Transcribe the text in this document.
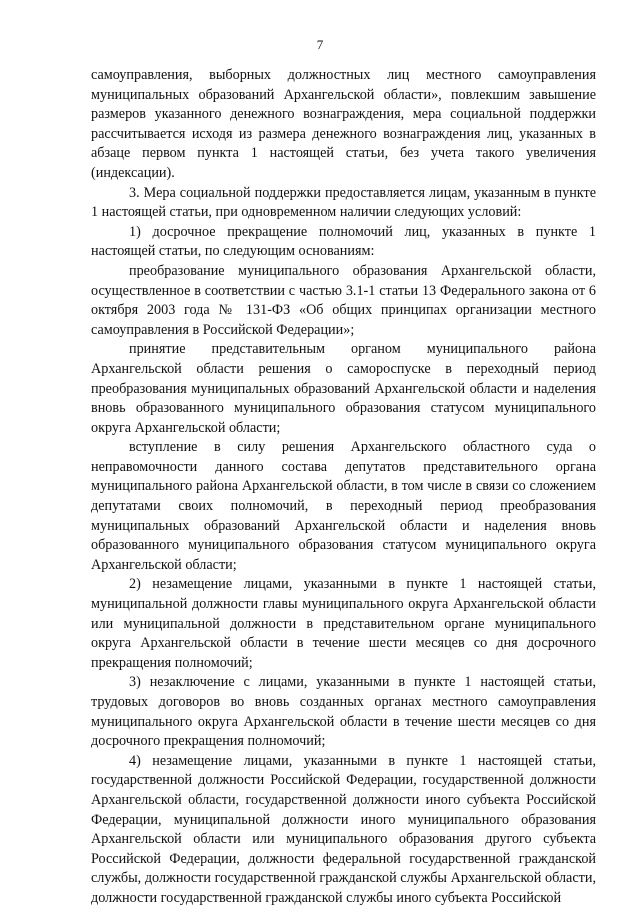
7

самоуправления, выборных должностных лиц местного самоуправления муниципальных образований Архангельской области», повлекшим завышение размеров указанного денежного вознаграждения, мера социальной поддержки рассчитывается исходя из размера денежного вознаграждения лиц, указанных в абзаце первом пункта 1 настоящей статьи, без учета такого увеличения (индексации).

3. Мера социальной поддержки предоставляется лицам, указанным в пункте 1 настоящей статьи, при одновременном наличии следующих условий:

1) досрочное прекращение полномочий лиц, указанных в пункте 1 настоящей статьи, по следующим основаниям:

преобразование муниципального образования Архангельской области, осуществленное в соответствии с частью 3.1-1 статьи 13 Федерального закона от 6 октября 2003 года № 131-ФЗ «Об общих принципах организации местного самоуправления в Российской Федерации»;

принятие представительным органом муниципального района Архангельской области решения о самороспуске в переходный период преобразования муниципальных образований Архангельской области и наделения вновь образованного муниципального образования статусом муниципального округа Архангельской области;

вступление в силу решения Архангельского областного суда о неправомочности данного состава депутатов представительного органа муниципального района Архангельской области, в том числе в связи со сложением депутатами своих полномочий, в переходный период преобразования муниципальных образований Архангельской области и наделения вновь образованного муниципального образования статусом муниципального округа Архангельской области;

2) незамещение лицами, указанными в пункте 1 настоящей статьи, муниципальной должности главы муниципального округа Архангельской области или муниципальной должности в представительном органе муниципального округа Архангельской области в течение шести месяцев со дня досрочного прекращения полномочий;

3) незаключение с лицами, указанными в пункте 1 настоящей статьи, трудовых договоров во вновь созданных органах местного самоуправления муниципального округа Архангельской области в течение шести месяцев со дня досрочного прекращения полномочий;

4) незамещение лицами, указанными в пункте 1 настоящей статьи, государственной должности Российской Федерации, государственной должности Архангельской области, государственной должности иного субъекта Российской Федерации, муниципальной должности иного муниципального образования Архангельской области или муниципального образования другого субъекта Российской Федерации, должности федеральной государственной гражданской службы, должности государственной гражданской службы Архангельской области, должности государственной гражданской службы иного субъекта Российской
